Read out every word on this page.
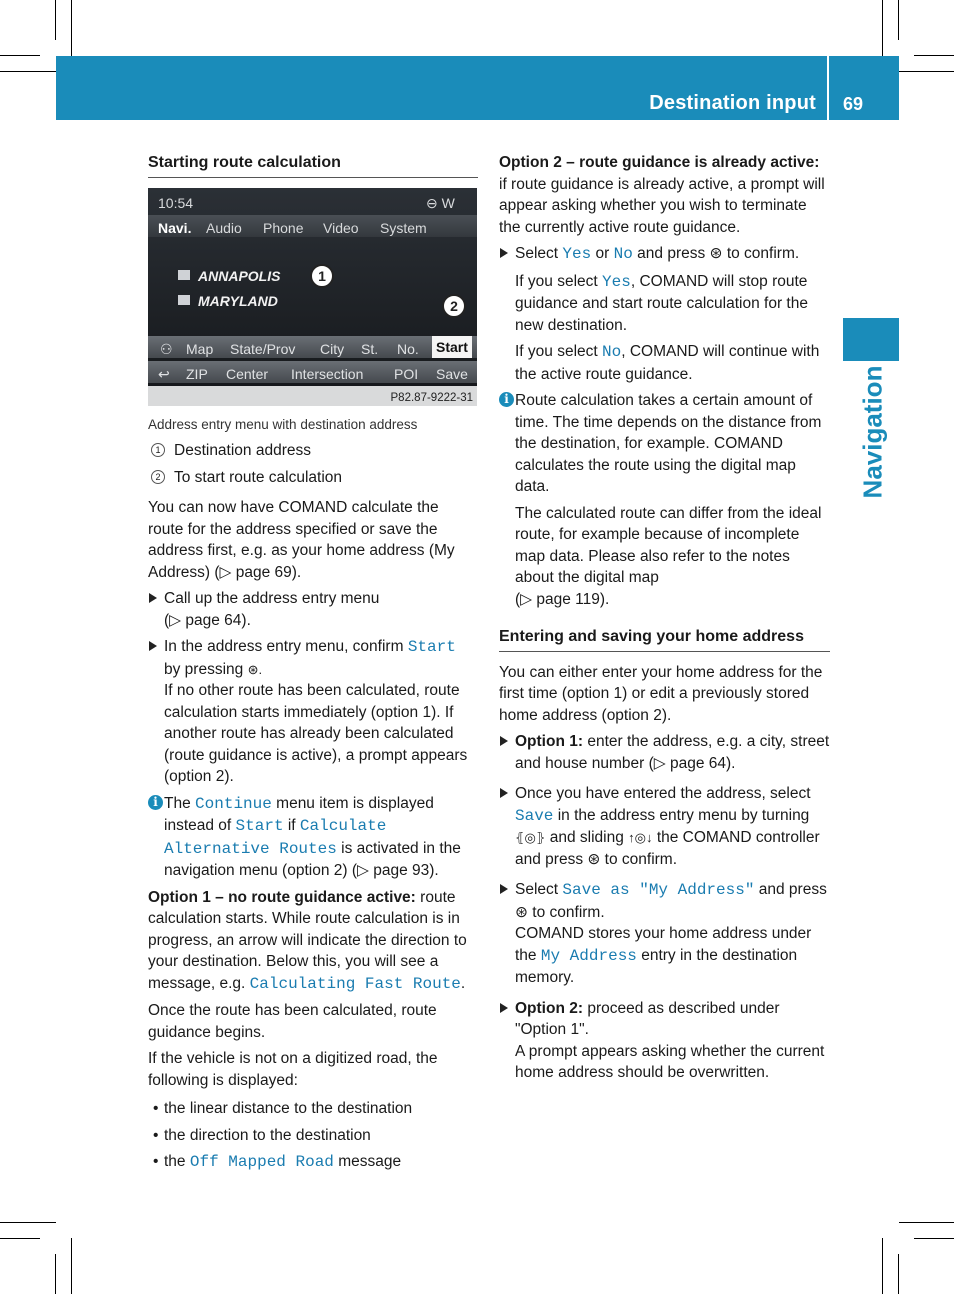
Destination input 69
Navigation
Starting route calculation
10:54	⊖ W
Navi. Audio Phone Video System
ANNAPOLIS
MARYLAND
1
2
⚇ Map State/Prov City St. No. Start
↩ ZIP Center Intersection POI Save
P82.87-9222-31

Address entry menu with destination address

1 Destination address

2 To start route calculation

You can now have COMAND calculate the route for the address specified or save the address first, e.g. as your home address (My Address) (▷ page 69).

Call up the address entry menu
(▷ page 64).

In the address entry menu, confirm Start
by pressing ⊛.

If no other route has been calculated, route calculation starts immediately (option 1). If another route has already been calculated (route guidance is active), a prompt appears (option 2).

i The Continue menu item is displayed instead of Start if Calculate Alternative Routes is activated in the navigation menu (option 2) (▷ page 93).

Option 1 – no route guidance active: route calculation starts. While route calculation is in progress, an arrow will indicate the direction to your destination. Below this, you will see a message, e.g. Calculating Fast Route.

Once the route has been calculated, route guidance begins.

If the vehicle is not on a digitized road, the following is displayed:

• the linear distance to the destination

• the direction to the destination

• the Off Mapped Road message

Option 2 – route guidance is already active: if route guidance is already active, a prompt will appear asking whether you wish to terminate the currently active route guidance.

Select Yes or No and press ⊛ to confirm.

If you select Yes, COMAND will stop route guidance and start route calculation for the new destination.

If you select No, COMAND will continue with the active route guidance.

i Route calculation takes a certain amount of time. The time depends on the distance from the destination, for example. COMAND calculates the route using the digital map data.

The calculated route can differ from the ideal route, for example because of incomplete map data. Please also refer to the notes about the digital map
(▷ page 119).

Entering and saving your home address

You can either enter your home address for the first time (option 1) or edit a previously stored home address (option 2).

Option 1: enter the address, e.g. a city, street and house number (▷ page 64).

Once you have entered the address, select Save in the address entry menu by turning ⦃◎⦄ and sliding ↑◎↓ the COMAND controller and press ⊛ to confirm.

Select Save as "My Address" and press
⊛ to confirm.

COMAND stores your home address under the My Address entry in the destination memory.

Option 2: proceed as described under "Option 1".

A prompt appears asking whether the current home address should be overwritten.
